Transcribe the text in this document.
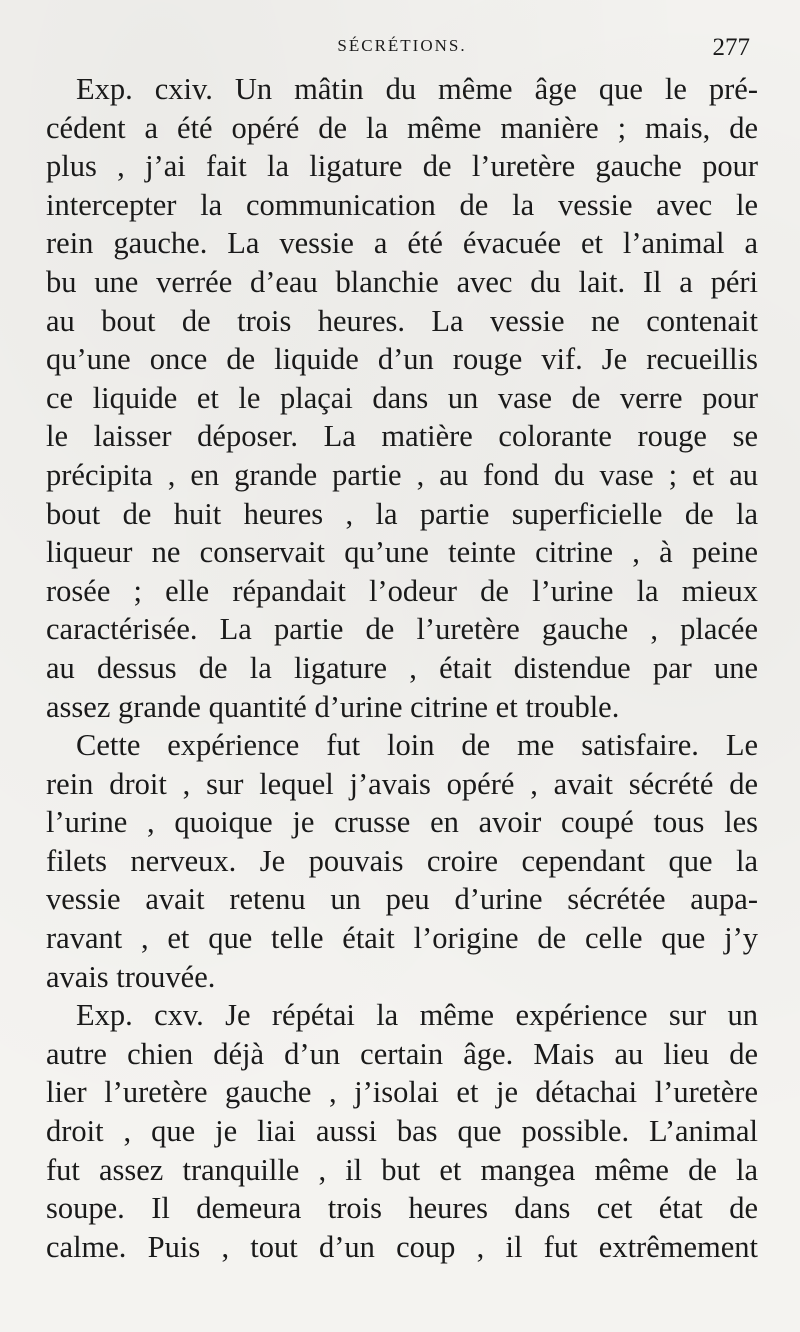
SÉCRÉTIONS.	277
Exp. cxiv. Un mâtin du même âge que le pré-
cédent a été opéré de la même manière ; mais, de
plus , j’ai fait la ligature de l’uretère gauche pour
intercepter la communication de la vessie avec le
rein gauche. La vessie a été évacuée et l’animal a
bu une verrée d’eau blanchie avec du lait. Il a péri
au bout de trois heures. La vessie ne contenait
qu’une once de liquide d’un rouge vif. Je recueillis
ce liquide et le plaçai dans un vase de verre pour
le laisser déposer. La matière colorante rouge se
précipita , en grande partie , au fond du vase ; et au
bout de huit heures , la partie superficielle de la
liqueur ne conservait qu’une teinte citrine , à peine
rosée ; elle répandait l’odeur de l’urine la mieux
caractérisée. La partie de l’uretère gauche , placée
au dessus de la ligature , était distendue par une
assez grande quantité d’urine citrine et trouble.
Cette expérience fut loin de me satisfaire. Le
rein droit , sur lequel j’avais opéré , avait sécrété de
l’urine , quoique je crusse en avoir coupé tous les
filets nerveux. Je pouvais croire cependant que la
vessie avait retenu un peu d’urine sécrétée aupa-
ravant , et que telle était l’origine de celle que j’y
avais trouvée.
Exp. cxv. Je répétai la même expérience sur un
autre chien déjà d’un certain âge. Mais au lieu de
lier l’uretère gauche , j’isolai et je détachai l’uretère
droit , que je liai aussi bas que possible. L’animal
fut assez tranquille , il but et mangea même de la
soupe. Il demeura trois heures dans cet état de
calme. Puis , tout d’un coup , il fut extrêmement
